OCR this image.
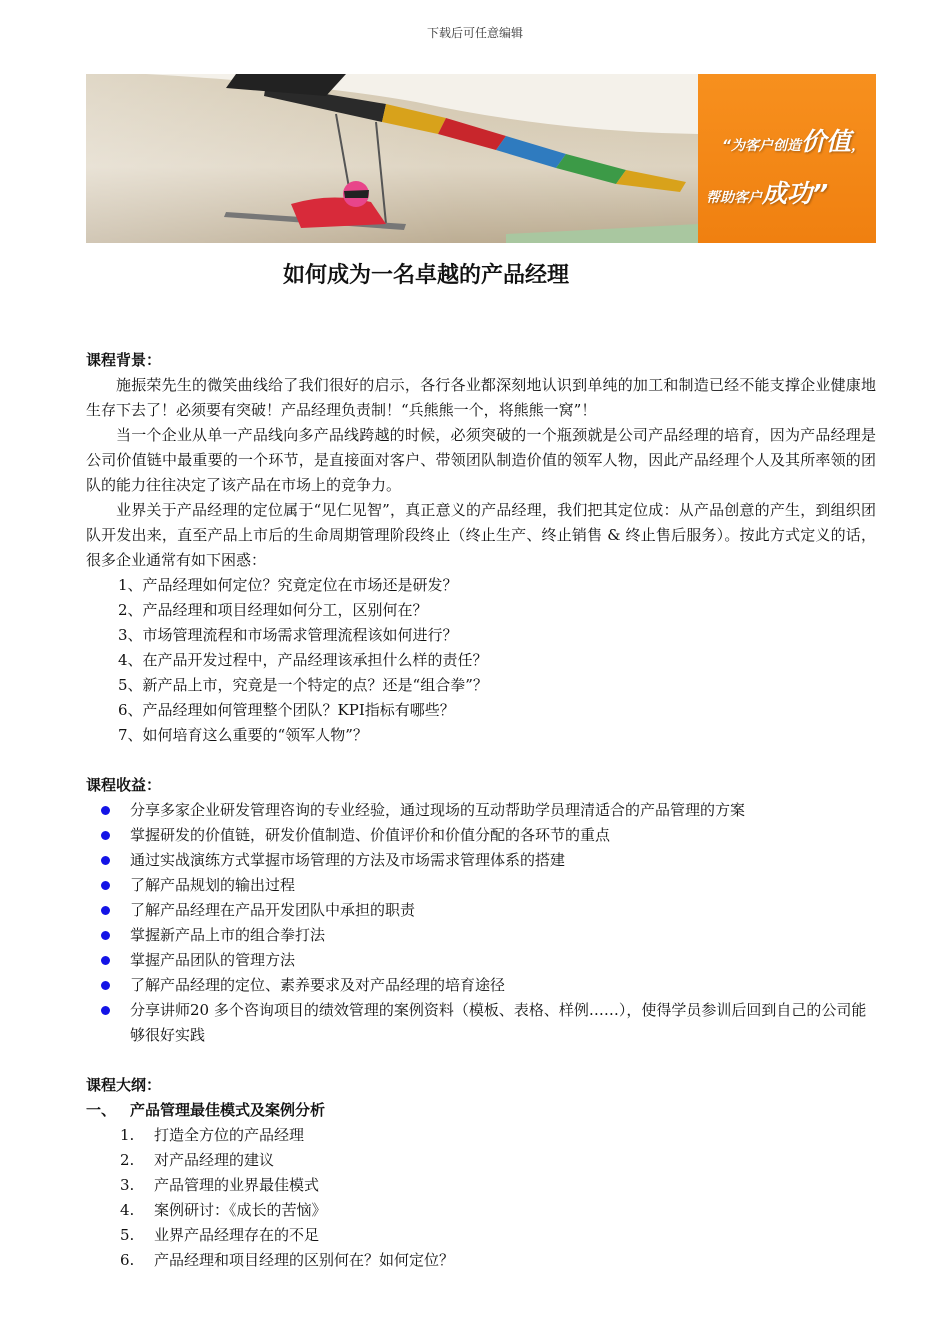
下载后可任意编辑
“为客户创造价值，
帮助客户成功”
如何成为一名卓越的产品经理
课程背景：

施振荣先生的微笑曲线给了我们很好的启示，各行各业都深刻地认识到单纯的加工和制造已经不能支撑企业健康地生存下去了！必须要有突破！产品经理负责制！“兵熊熊一个，将熊熊一窝”！

当一个企业从单一产品线向多产品线跨越的时候，必须突破的一个瓶颈就是公司产品经理的培育，因为产品经理是公司价值链中最重要的一个环节，是直接面对客户、带领团队制造价值的领军人物，因此产品经理个人及其所率领的团队的能力往往决定了该产品在市场上的竞争力。

业界关于产品经理的定位属于“见仁见智”，真正意义的产品经理，我们把其定位成：从产品创意的产生，到组织团队开发出来，直至产品上市后的生命周期管理阶段终止（终止生产、终止销售 & 终止售后服务）。按此方式定义的话，很多企业通常有如下困惑：

1、产品经理如何定位？究竟定位在市场还是研发？
2、产品经理和项目经理如何分工，区别何在？
3、市场管理流程和市场需求管理流程该如何进行？
4、在产品开发过程中，产品经理该承担什么样的责任？
5、新产品上市，究竟是一个特定的点？还是“组合拳”？
6、产品经理如何管理整个团队？KPI指标有哪些？
7、如何培育这么重要的“领军人物”？
课程收益：
分享多家企业研发管理咨询的专业经验，通过现场的互动帮助学员理清适合的产品管理的方案
掌握研发的价值链，研发价值制造、价值评价和价值分配的各环节的重点
通过实战演练方式掌握市场管理的方法及市场需求管理体系的搭建
了解产品规划的输出过程
了解产品经理在产品开发团队中承担的职责
掌握新产品上市的组合拳打法
掌握产品团队的管理方法
了解产品经理的定位、素养要求及对产品经理的培育途径
分享讲师20 多个咨询项目的绩效管理的案例资料（模板、表格、样例……），使得学员参训后回到自己的公司能够很好实践
课程大纲：
一、 产品管理最佳模式及案例分析
1.	打造全方位的产品经理
2.	对产品经理的建议
3.	产品管理的业界最佳模式
4.	案例研讨：《成长的苦恼》
5.	业界产品经理存在的不足
6.	产品经理和项目经理的区别何在？如何定位？
